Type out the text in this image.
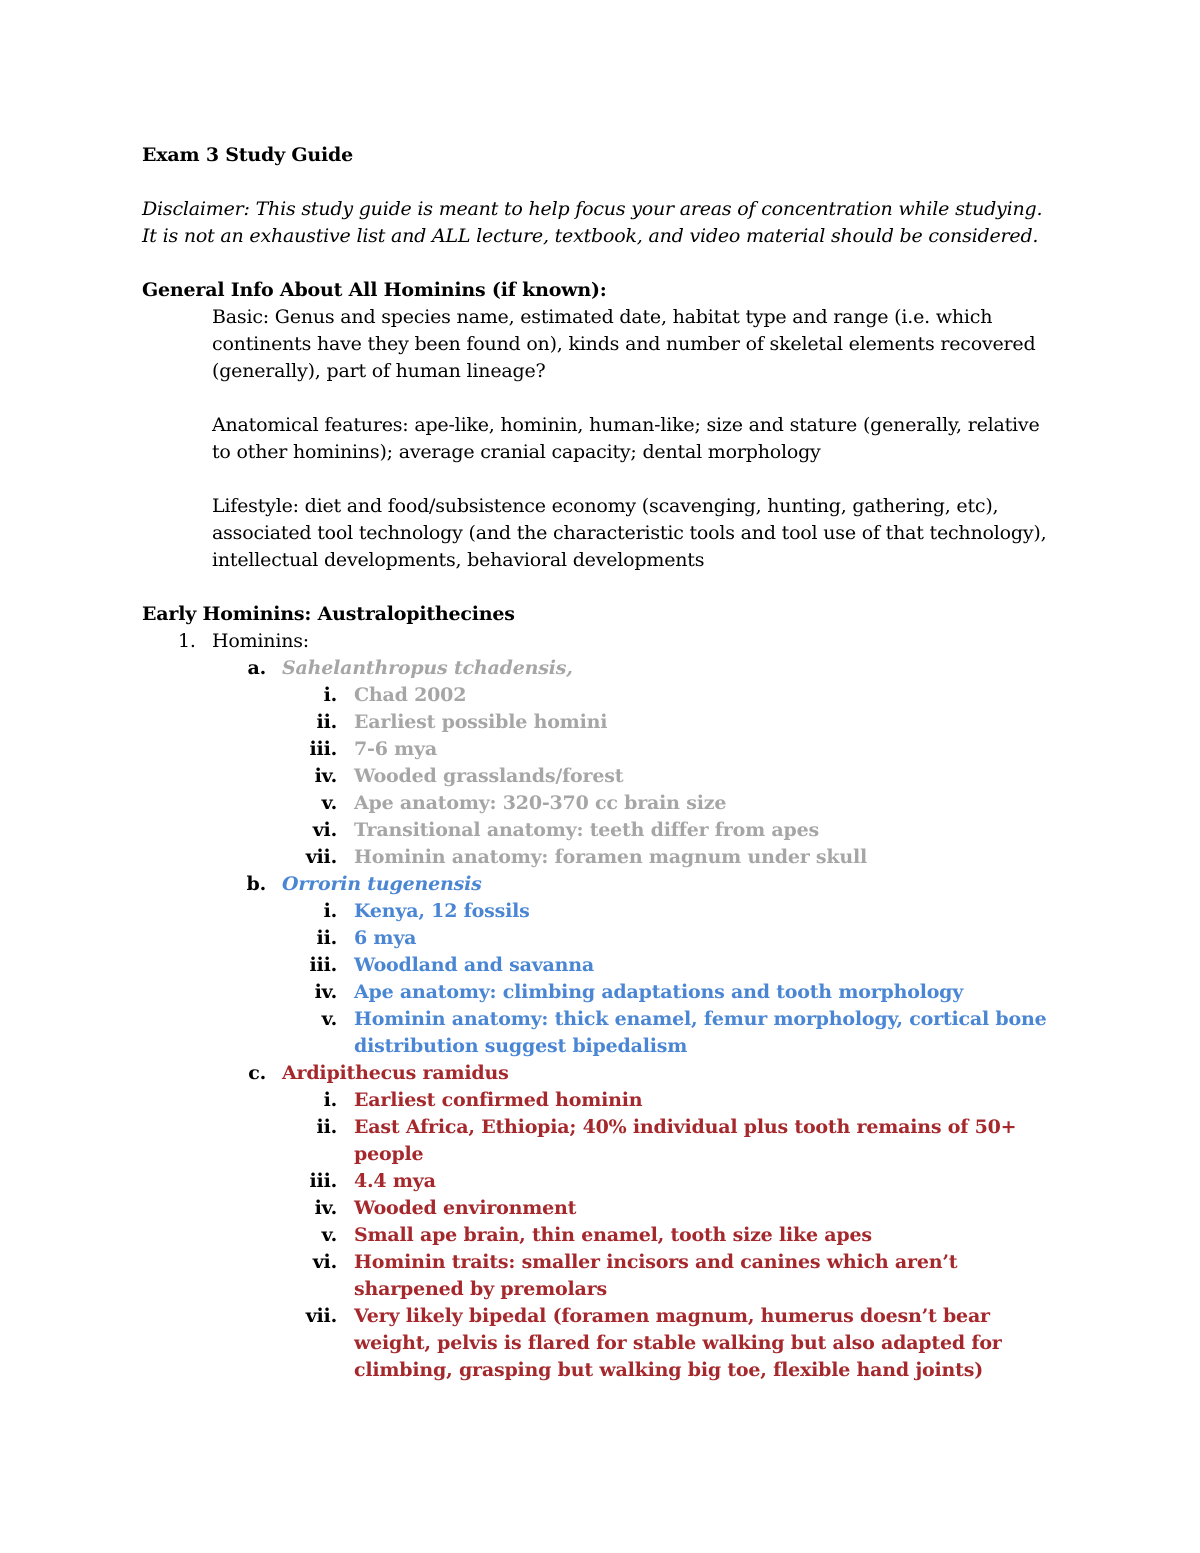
Exam 3 Study Guide

Disclaimer: This study guide is meant to help focus your areas of concentration while studying. It is not an exhaustive list and ALL lecture, textbook, and video material should be considered.

General Info About All Hominins (if known):

Basic: Genus and species name, estimated date, habitat type and range (i.e. which continents have they been found on), kinds and number of skeletal elements recovered (generally), part of human lineage?

Anatomical features: ape-like, hominin, human-like; size and stature (generally, relative to other hominins); average cranial capacity; dental morphology

Lifestyle: diet and food/subsistence economy (scavenging, hunting, gathering, etc), associated tool technology (and the characteristic tools and tool use of that technology), intellectual developments, behavioral developments

Early Hominins: Australopithecines

1. Hominins:
a. Sahelanthropus tchadensis,
i. Chad 2002
ii. Earliest possible homini
iii. 7-6 mya
iv. Wooded grasslands/forest
v. Ape anatomy: 320-370 cc brain size
vi. Transitional anatomy: teeth differ from apes
vii. Hominin anatomy: foramen magnum under skull
b. Orrorin tugenensis
i. Kenya, 12 fossils
ii. 6 mya
iii. Woodland and savanna
iv. Ape anatomy: climbing adaptations and tooth morphology
v. Hominin anatomy: thick enamel, femur morphology, cortical bone distribution suggest bipedalism
c. Ardipithecus ramidus
i. Earliest confirmed hominin
ii. East Africa, Ethiopia; 40% individual plus tooth remains of 50+ people
iii. 4.4 mya
iv. Wooded environment
v. Small ape brain, thin enamel, tooth size like apes
vi. Hominin traits: smaller incisors and canines which aren’t sharpened by premolars
vii. Very likely bipedal (foramen magnum, humerus doesn’t bear weight, pelvis is flared for stable walking but also adapted for climbing, grasping but walking big toe, flexible hand joints)
